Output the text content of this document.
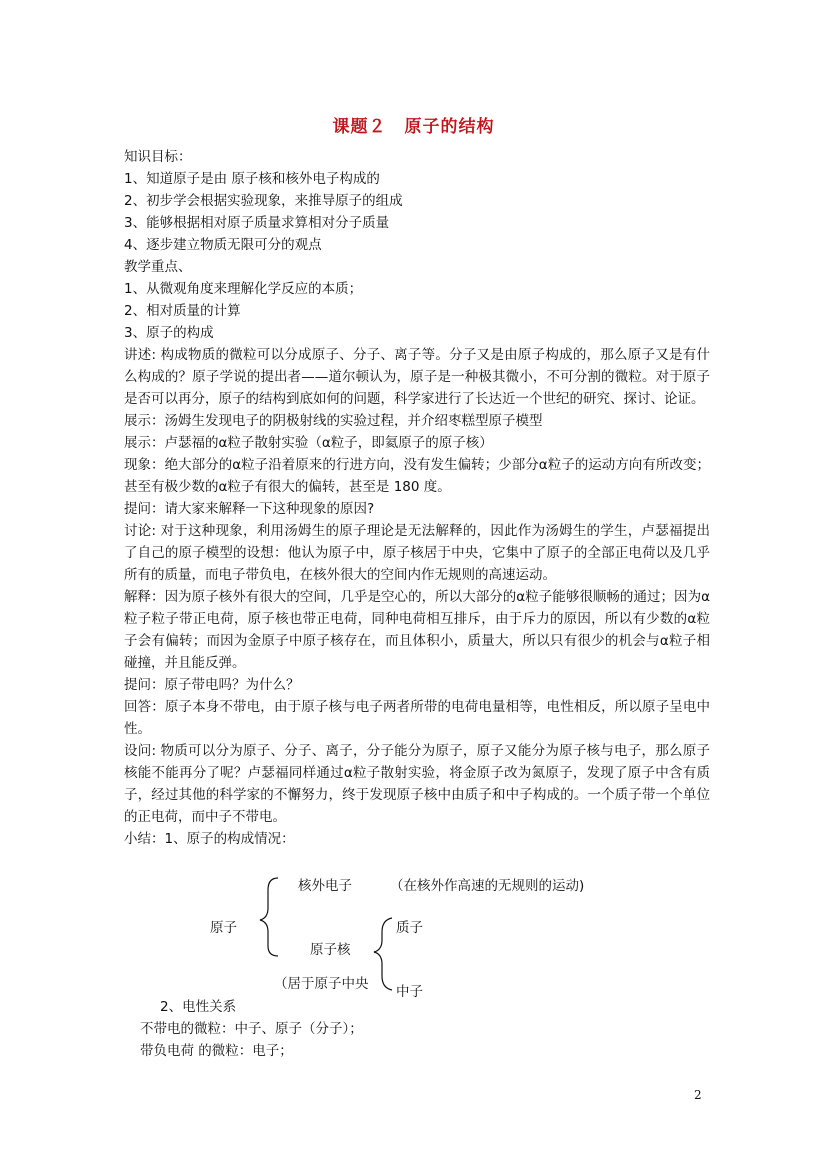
课题２　原子的结构

知识目标：

1、知道原子是由 原子核和核外电子构成的

2、初步学会根据实验现象，来推导原子的组成

3、能够根据相对原子质量求算相对分子质量

4、逐步建立物质无限可分的观点

教学重点、

1、从微观角度来理解化学反应的本质；

2、相对质量的计算

3、原子的构成

讲述: 构成物质的微粒可以分成原子、分子、离子等。分子又是由原子构成的，那么原子又是有什么构成的？原子学说的提出者——道尔顿认为，原子是一种极其微小，不可分割的微粒。对于原子是否可以再分，原子的结构到底如何的问题，科学家进行了长达近一个世纪的研究、探讨、论证。

展示：汤姆生发现电子的阴极射线的实验过程，并介绍枣糕型原子模型

展示：卢瑟福的α粒子散射实验（α粒子，即氦原子的原子核）

现象：绝大部分的α粒子沿着原来的行进方向，没有发生偏转；少部分α粒子的运动方向有所改变；甚至有极少数的α粒子有很大的偏转，甚至是 180 度。

提问：请大家来解释一下这种现象的原因?

讨论: 对于这种现象，利用汤姆生的原子理论是无法解释的，因此作为汤姆生的学生，卢瑟福提出了自己的原子模型的设想：他认为原子中，原子核居于中央，它集中了原子的全部正电荷以及几乎所有的质量，而电子带负电，在核外很大的空间内作无规则的高速运动。

解释：因为原子核外有很大的空间，几乎是空心的，所以大部分的α粒子能够很顺畅的通过；因为α粒子粒子带正电荷，原子核也带正电荷，同种电荷相互排斥，由于斥力的原因，所以有少数的α粒子会有偏转；而因为金原子中原子核存在，而且体积小，质量大，所以只有很少的机会与α粒子相碰撞，并且能反弹。

提问：原子带电吗？为什么？

回答：原子本身不带电，由于原子核与电子两者所带的电荷电量相等，电性相反，所以原子呈电中性。

设问: 物质可以分为原子、分子、离子，分子能分为原子，原子又能分为原子核与电子，那么原子核能不能再分了呢？卢瑟福同样通过α粒子散射实验，将金原子改为氮原子，发现了原子中含有质子，经过其他的科学家的不懈努力，终于发现原子核中由质子和中子构成的。一个质子带一个单位的正电荷，而中子不带电。

小结：1、原子的构成情况：

核外电子	（在核外作高速的无规则的运动)
原子	质子
原子核
（居于原子中央 中子

2、电性关系

不带电的微粒：中子、原子（分子）；

带负电荷 的微粒：电子；

2
